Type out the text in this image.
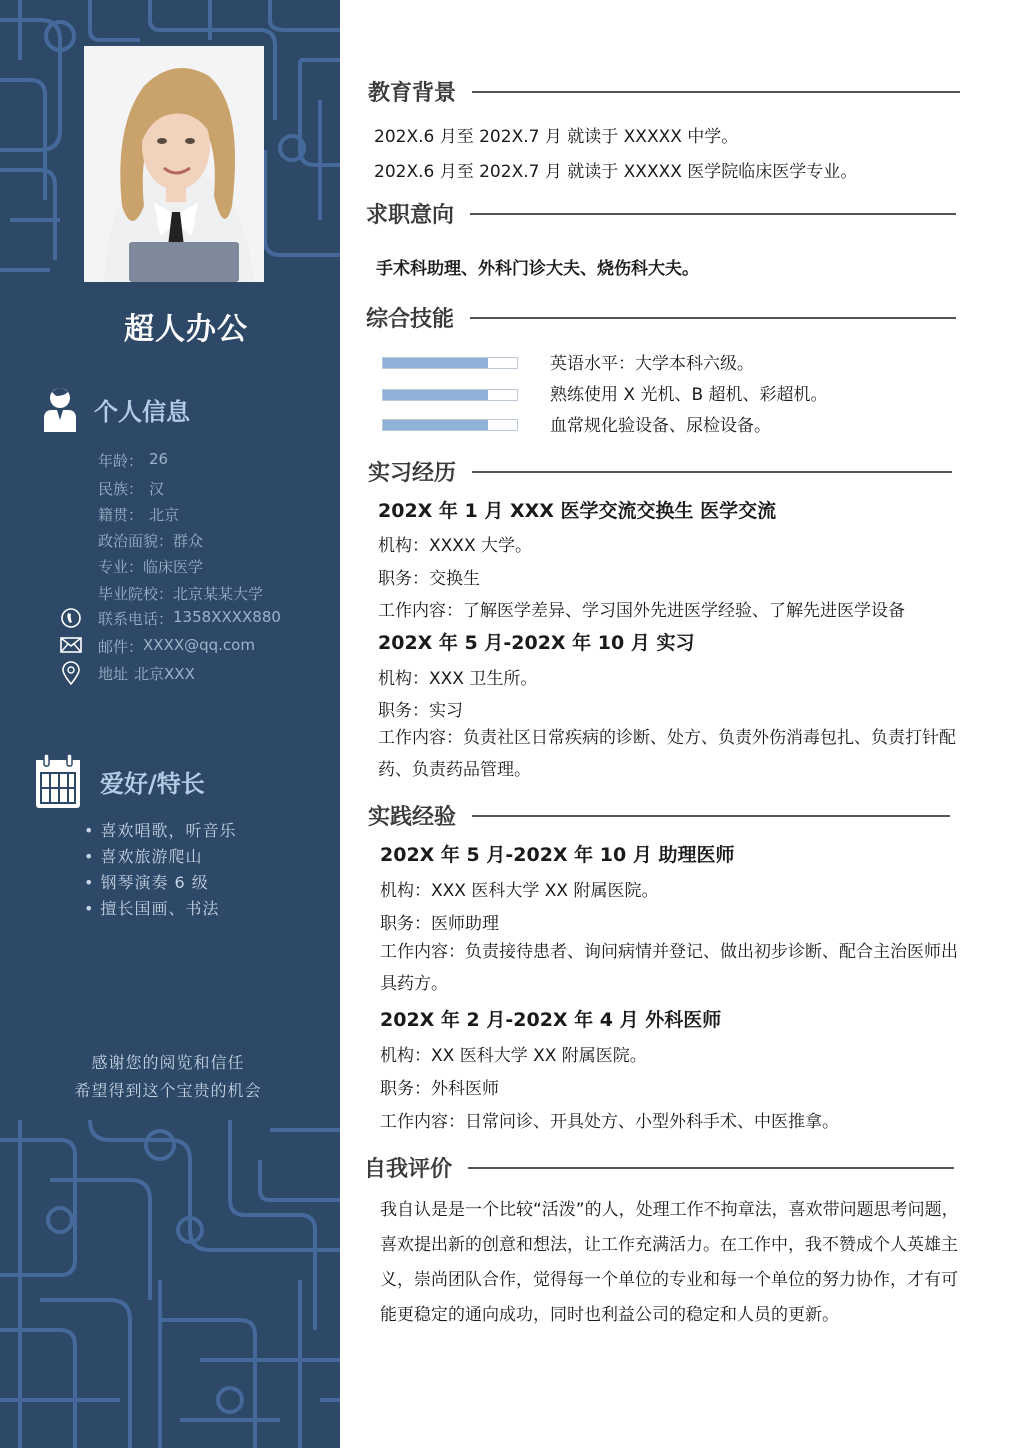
超人办公
个人信息
年龄： 26
民族： 汉
籍贯： 北京
政治面貌： 群众
专业： 临床医学
毕业院校： 北京某某大学
联系电话： 1358XXXX880
邮件： XXXX@qq.com
地址 北京XXX
爱好/特长
• 喜欢唱歌，听音乐
• 喜欢旅游爬山
• 钢琴演奏 6 级
• 擅长国画、书法
感谢您的阅览和信任
希望得到这个宝贵的机会
教育背景
202X.6 月至 202X.7 月 就读于 XXXXX 中学。
202X.6 月至 202X.7 月 就读于 XXXXX 医学院临床医学专业。
求职意向
手术科助理、外科门诊大夫、烧伤科大夫。
综合技能
英语水平：大学本科六级。
熟练使用 X 光机、B 超机、彩超机。
血常规化验设备、尿检设备。
实习经历
202X 年 1 月 XXX 医学交流交换生 医学交流
机构：XXXX 大学。
职务：交换生
工作内容：了解医学差异、学习国外先进医学经验、了解先进医学设备
202X 年 5 月-202X 年 10 月 实习
机构：XXX 卫生所。
职务：实习
工作内容：负责社区日常疾病的诊断、处方、负责外伤消毒包扎、负责打针配药、负责药品管理。
实践经验
202X 年 5 月-202X 年 10 月 助理医师
机构：XXX 医科大学 XX 附属医院。
职务：医师助理
工作内容：负责接待患者、询问病情并登记、做出初步诊断、配合主治医师出具药方。
202X 年 2 月-202X 年 4 月 外科医师
机构：XX 医科大学 XX 附属医院。
职务：外科医师
工作内容：日常问诊、开具处方、小型外科手术、中医推拿。
自我评价
我自认是是一个比较“活泼”的人，处理工作不拘章法，喜欢带问题思考问题，喜欢提出新的创意和想法，让工作充满活力。在工作中，我不赞成个人英雄主义，崇尚团队合作，觉得每一个单位的专业和每一个单位的努力协作，才有可能更稳定的通向成功，同时也利益公司的稳定和人员的更新。
